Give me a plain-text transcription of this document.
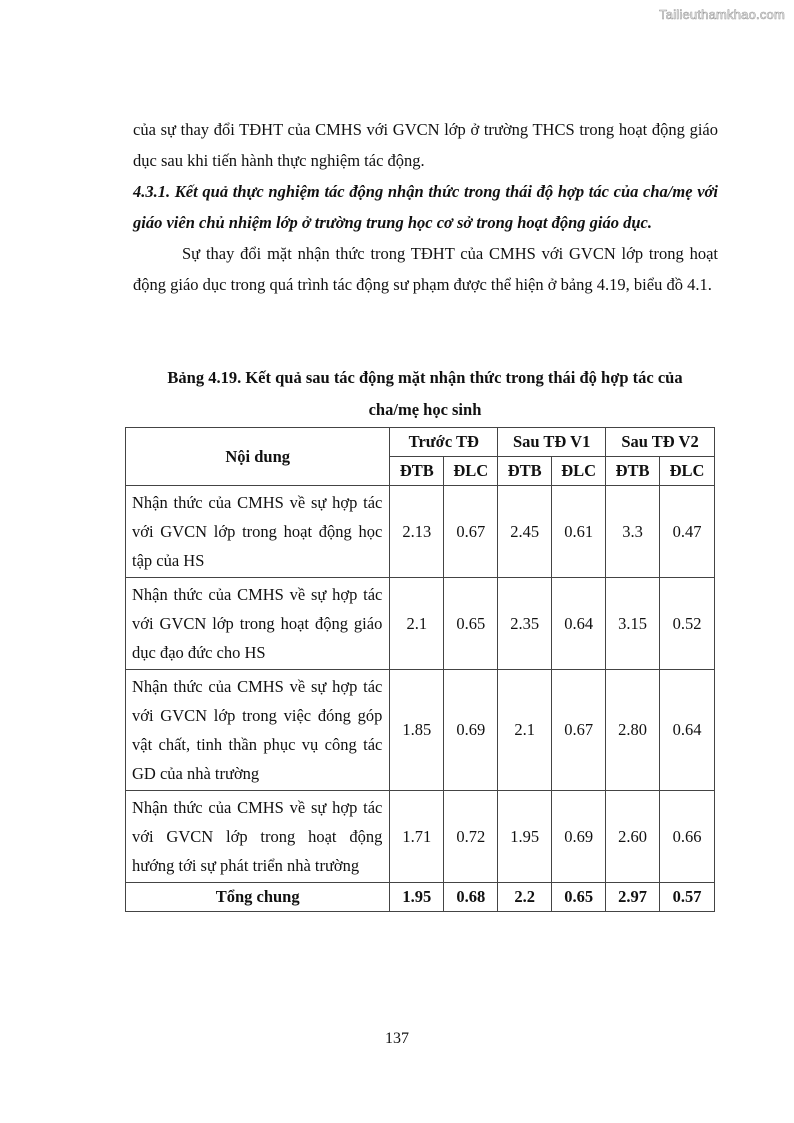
Tailieuthamkhao.com

của sự thay đổi TĐHT của CMHS với GVCN lớp ở trường THCS trong hoạt động giáo dục sau khi tiến hành thực nghiệm tác động.

4.3.1. Kết quả thực nghiệm tác động nhận thức trong thái độ hợp tác của cha/mẹ với giáo viên chủ nhiệm lớp ở trường trung học cơ sở trong hoạt động giáo dục.

Sự thay đổi mặt nhận thức trong TĐHT của CMHS với GVCN lớp trong hoạt động giáo dục trong quá trình tác động sư phạm được thể hiện ở bảng 4.19, biểu đồ 4.1.

Bảng 4.19. Kết quả sau tác động mặt nhận thức trong thái độ hợp tác của
cha/mẹ học sinh
Nội dung	Trước TĐ		Sau TĐ V1		Sau TĐ V2	
	ĐTB	ĐLC	ĐTB	ĐLC	ĐTB	ĐLC
Nhận thức của CMHS về sự hợp tác với GVCN lớp trong hoạt động học tập của HS	2.13	0.67	2.45	0.61	3.3	0.47
Nhận thức của CMHS về sự hợp tác với GVCN lớp trong hoạt động giáo dục đạo đức cho HS	2.1	0.65	2.35	0.64	3.15	0.52
Nhận thức của CMHS về sự hợp tác với GVCN lớp trong việc đóng góp vật chất, tinh thần phục vụ công tác GD của nhà trường	1.85	0.69	2.1	0.67	2.80	0.64
Nhận thức của CMHS về sự hợp tác với GVCN lớp trong hoạt động hướng tới sự phát triển nhà trường	1.71	0.72	1.95	0.69	2.60	0.66
Tổng chung	1.95	0.68	2.2	0.65	2.97	0.57
137
